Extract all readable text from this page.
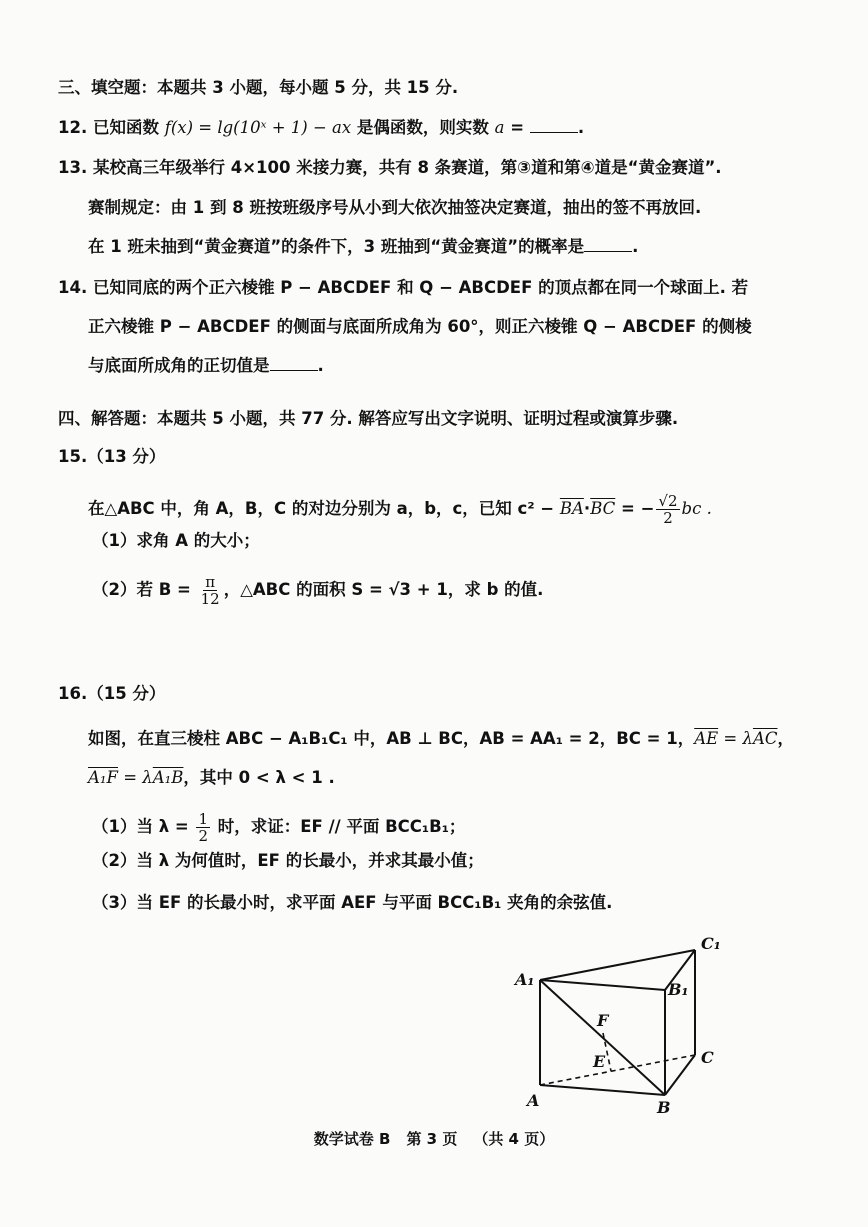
三、填空题：本题共 3 小题，每小题 5 分，共 15 分.
12. 已知函数 f(x) = lg(10ˣ + 1) − ax 是偶函数，则实数 a =	.
13. 某校高三年级举行 4×100 米接力赛，共有 8 条赛道，第③道和第④道是“黄金赛道”.
赛制规定：由 1 到 8 班按班级序号从小到大依次抽签决定赛道，抽出的签不再放回.
在 1 班未抽到“黄金赛道”的条件下，3 班抽到“黄金赛道”的概率是	.
14. 已知同底的两个正六棱锥 P − ABCDEF 和 Q − ABCDEF 的顶点都在同一个球面上. 若
正六棱锥 P − ABCDEF 的侧面与底面所成角为 60°，则正六棱锥 Q − ABCDEF 的侧棱
与底面所成角的正切值是	.
四、解答题：本题共 5 小题，共 77 分. 解答应写出文字说明、证明过程或演算步骤.
15.（13 分）
在△ABC 中，角 A，B，C 的对边分别为 a，b，c，已知 $c^2 - \overline{BA}\cdot\overline{BC}$ = − $\frac{√2}{2}$ bc .
（1）求角 A 的大小；
（2）若 $B = \frac{\pi}{12}$ ，△ABC 的面积 S = √3 + 1，求 b 的值.
16.（15 分）
如图，在直三棱柱 ABC − A₁B₁C₁ 中，AB ⊥ BC，AB = AA₁ = 2，BC = 1，$\overline{AE} = \lambda\overline{AC}$，
A₁F = λA₁B，其中 0 < λ < 1 .
（1）当 $\lambda = \frac{1}{2}$ 时，求证：EF // 平面 BCC₁B₁；
（2）当 λ 为何值时，EF 的长最小，并求其最小值；
（3）当 EF 的长最小时，求平面 AEF 与平面 BCC₁B₁ 夹角的余弦值.
A₁
B₁
C₁
A	B
C
E
F
数学试卷 B 第 3 页 （共 4 页）
